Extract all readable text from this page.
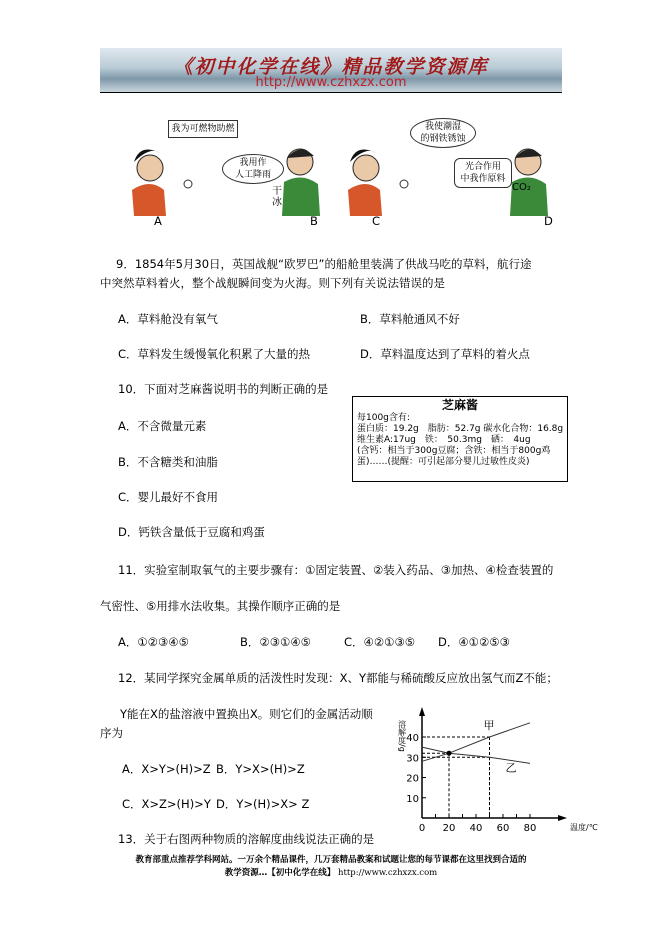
《初中化学在线》精品教学资源库
http://www.czhxzx.com
我为可燃物助燃
我用作
人工降雨
干冰
我使潮湿
的钢铁锈蚀
光合作用
中我作原料
CO₂
A	B	C	D
9．1854年5月30日，英国战舰“欧罗巴”的船舱里装满了供战马吃的草料，航行途
中突然草料着火，整个战舰瞬间变为火海。则下列有关说法错误的是
A．草料舱没有氧气	B．草料舱通风不好
C．草料发生缓慢氧化积累了大量的热	D．草料温度达到了草料的着火点
10．下面对芝麻酱说明书的判断正确的是
A．不含微量元素
B．不含糖类和油脂
C．婴儿最好不食用
D．钙铁含量低于豆腐和鸡蛋
芝麻酱
每100g含有:
蛋白质：19.2g　脂肪：52.7g 碳水化合物：16.8g
维生素A:17ug　铁：　50.3mg　硒：　4ug
(含钙：相当于300g豆腐；含铁：相当于800g鸡
蛋)……(提醒：可引起部分婴儿过敏性皮炎)
11．实验室制取氧气的主要步骤有：①固定装置、②装入药品、③加热、④检查装置的
气密性、⑤用排水法收集。其操作顺序正确的是
A．①②③④⑤	B．②③①④⑤	C．④②①③⑤ D．④①②⑤③
12．某同学探究金属单质的活泼性时发现：X、Y都能与稀硫酸反应放出氢气而Z不能；
Y能在X的盐溶液中置换出X。则它们的金属活动顺
序为
A．X>Y>(H)>Z B．Y>X>(H)>Z
C．X>Z>(H)>Y D．Y>(H)>X> Z
13．关于右图两种物质的溶解度曲线说法正确的是
0 20 40 60 80
10
20
30
40
溶解度/g
温度/℃
甲
乙
教育部重点推荐学科网站。一万余个精品课件，几万套精品教案和试题让您的每节课都在这里找到合适的
教学资源…【初中化学在线】 http://www.czhxzx.com
